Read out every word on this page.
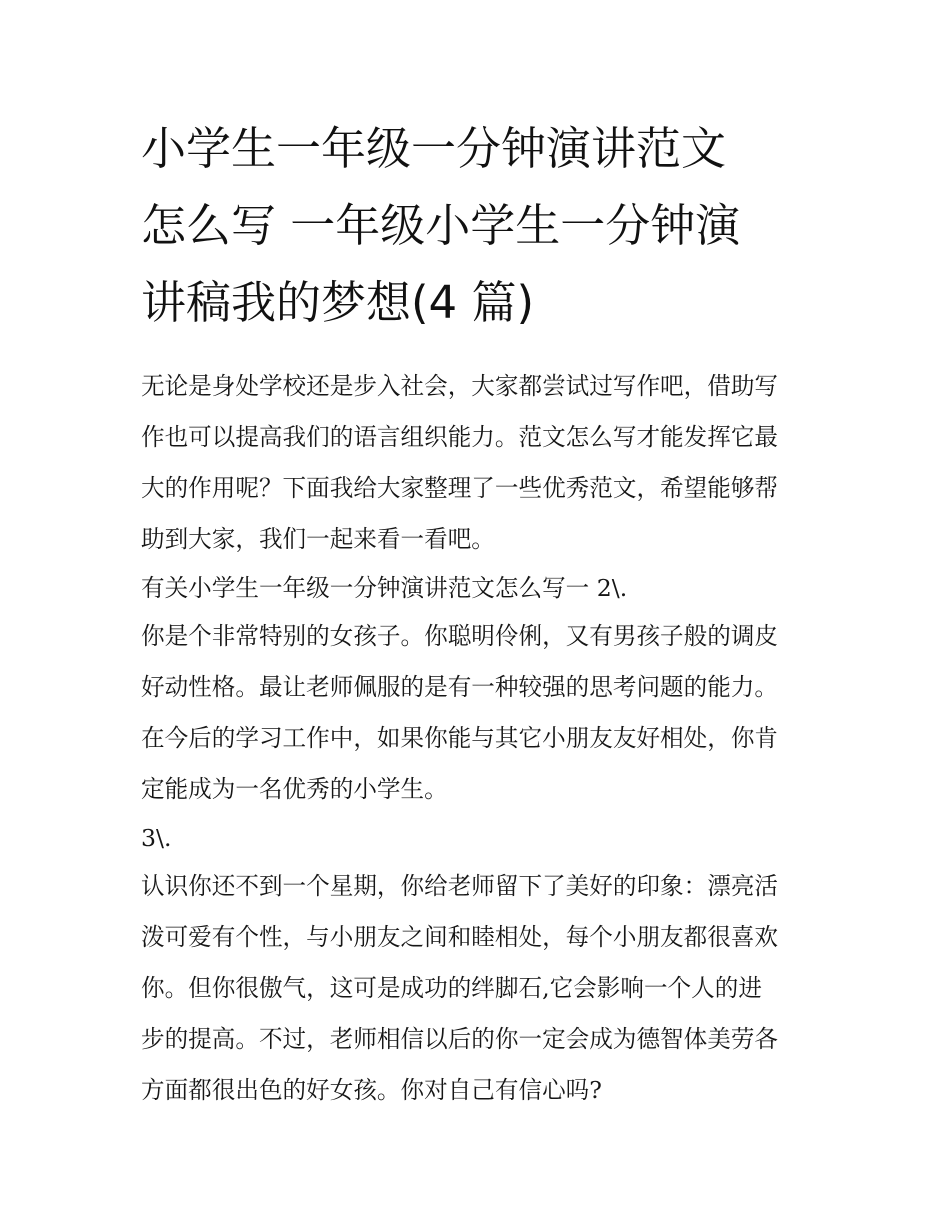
小学生一年级一分钟演讲范文
怎么写 一年级小学生一分钟演
讲稿我的梦想(4 篇)
无论是身处学校还是步入社会，大家都尝试过写作吧，借助写
作也可以提高我们的语言组织能力。范文怎么写才能发挥它最
大的作用呢？下面我给大家整理了一些优秀范文，希望能够帮
助到大家，我们一起来看一看吧。
有关小学生一年级一分钟演讲范文怎么写一 2\.
你是个非常特别的女孩子。你聪明伶俐，又有男孩子般的调皮
好动性格。最让老师佩服的是有一种较强的思考问题的能力。
在今后的学习工作中，如果你能与其它小朋友友好相处，你肯
定能成为一名优秀的小学生。
3\.
认识你还不到一个星期，你给老师留下了美好的印象：漂亮活
泼可爱有个性，与小朋友之间和睦相处，每个小朋友都很喜欢
你。但你很傲气，这可是成功的绊脚石,它会影响一个人的进
步的提高。不过，老师相信以后的你一定会成为德智体美劳各
方面都很出色的好女孩。你对自己有信心吗?
